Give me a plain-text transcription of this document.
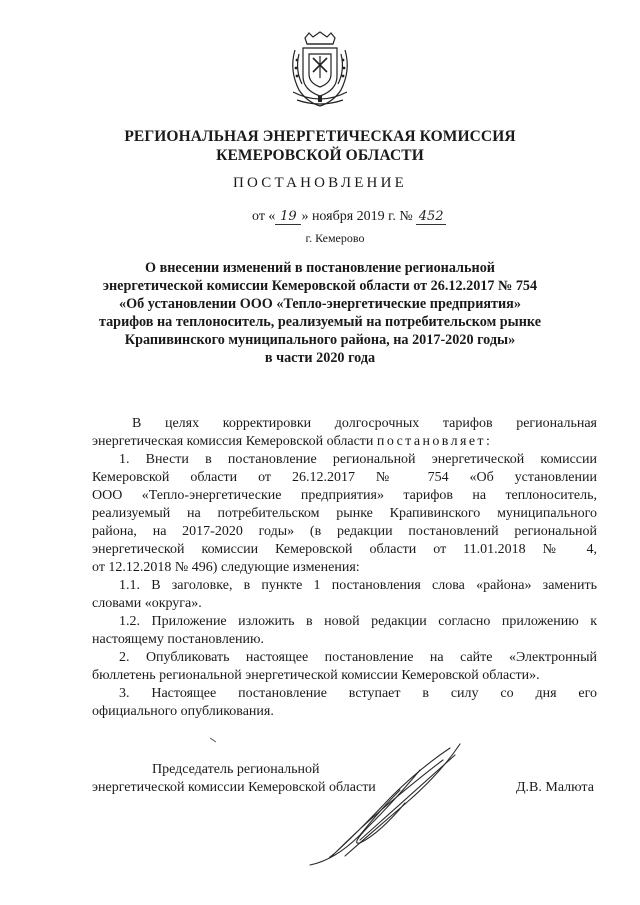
РЕГИОНАЛЬНАЯ ЭНЕРГЕТИЧЕСКАЯ КОМИССИЯ
КЕМЕРОВСКОЙ ОБЛАСТИ
ПОСТАНОВЛЕНИЕ
от « 19 » ноября 2019 г. № 452
г. Кемерово
О внесении изменений в постановление региональной
энергетической комиссии Кемеровской области от 26.12.2017 № 754
«Об установлении ООО «Тепло-энергетические предприятия»
тарифов на теплоноситель, реализуемый на потребительском рынке
Крапивинского муниципального района, на 2017-2020 годы»
в части 2020 года
В целях корректировки долгосрочных тарифов региональная
энергетическая комиссия Кемеровской области постановляет:
1. Внести в постановление региональной энергетической комиссии
Кемеровской области от 26.12.2017 № 754 «Об установлении
ООО «Тепло-энергетические предприятия» тарифов на теплоноситель,
реализуемый на потребительском рынке Крапивинского муниципального
района, на 2017-2020 годы» (в редакции постановлений региональной
энергетической комиссии Кемеровской области от 11.01.2018 № 4,
от 12.12.2018 № 496) следующие изменения:
1.1. В заголовке, в пункте 1 постановления слова «района» заменить
словами «округа».
1.2. Приложение изложить в новой редакции согласно приложению к
настоящему постановлению.
2. Опубликовать настоящее постановление на сайте «Электронный
бюллетень региональной энергетической комиссии Кемеровской области».
3. Настоящее постановление вступает в силу со дня его
официального опубликования.
Председатель региональной
энергетической комиссии Кемеровской области	Д.В. Малюта
